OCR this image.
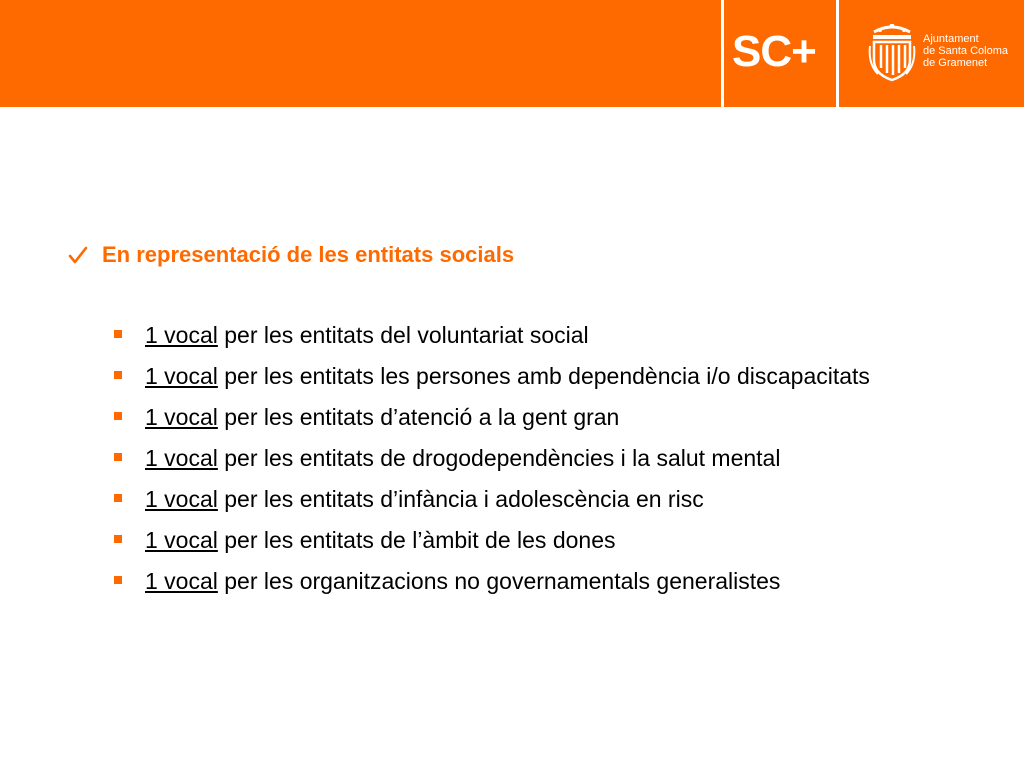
SC+	Ajuntament
de Santa Coloma
de Gramenet
En representació de les entitats socials
1 vocal per les entitats del voluntariat social
1 vocal per les entitats les persones amb dependència i/o discapacitats
1 vocal per les entitats d’atenció a la gent gran
1 vocal per les entitats de drogodependències i la salut mental
1 vocal per les entitats d’infància i adolescència en risc
1 vocal per les entitats de l’àmbit de les dones
1 vocal per les organitzacions no governamentals generalistes
